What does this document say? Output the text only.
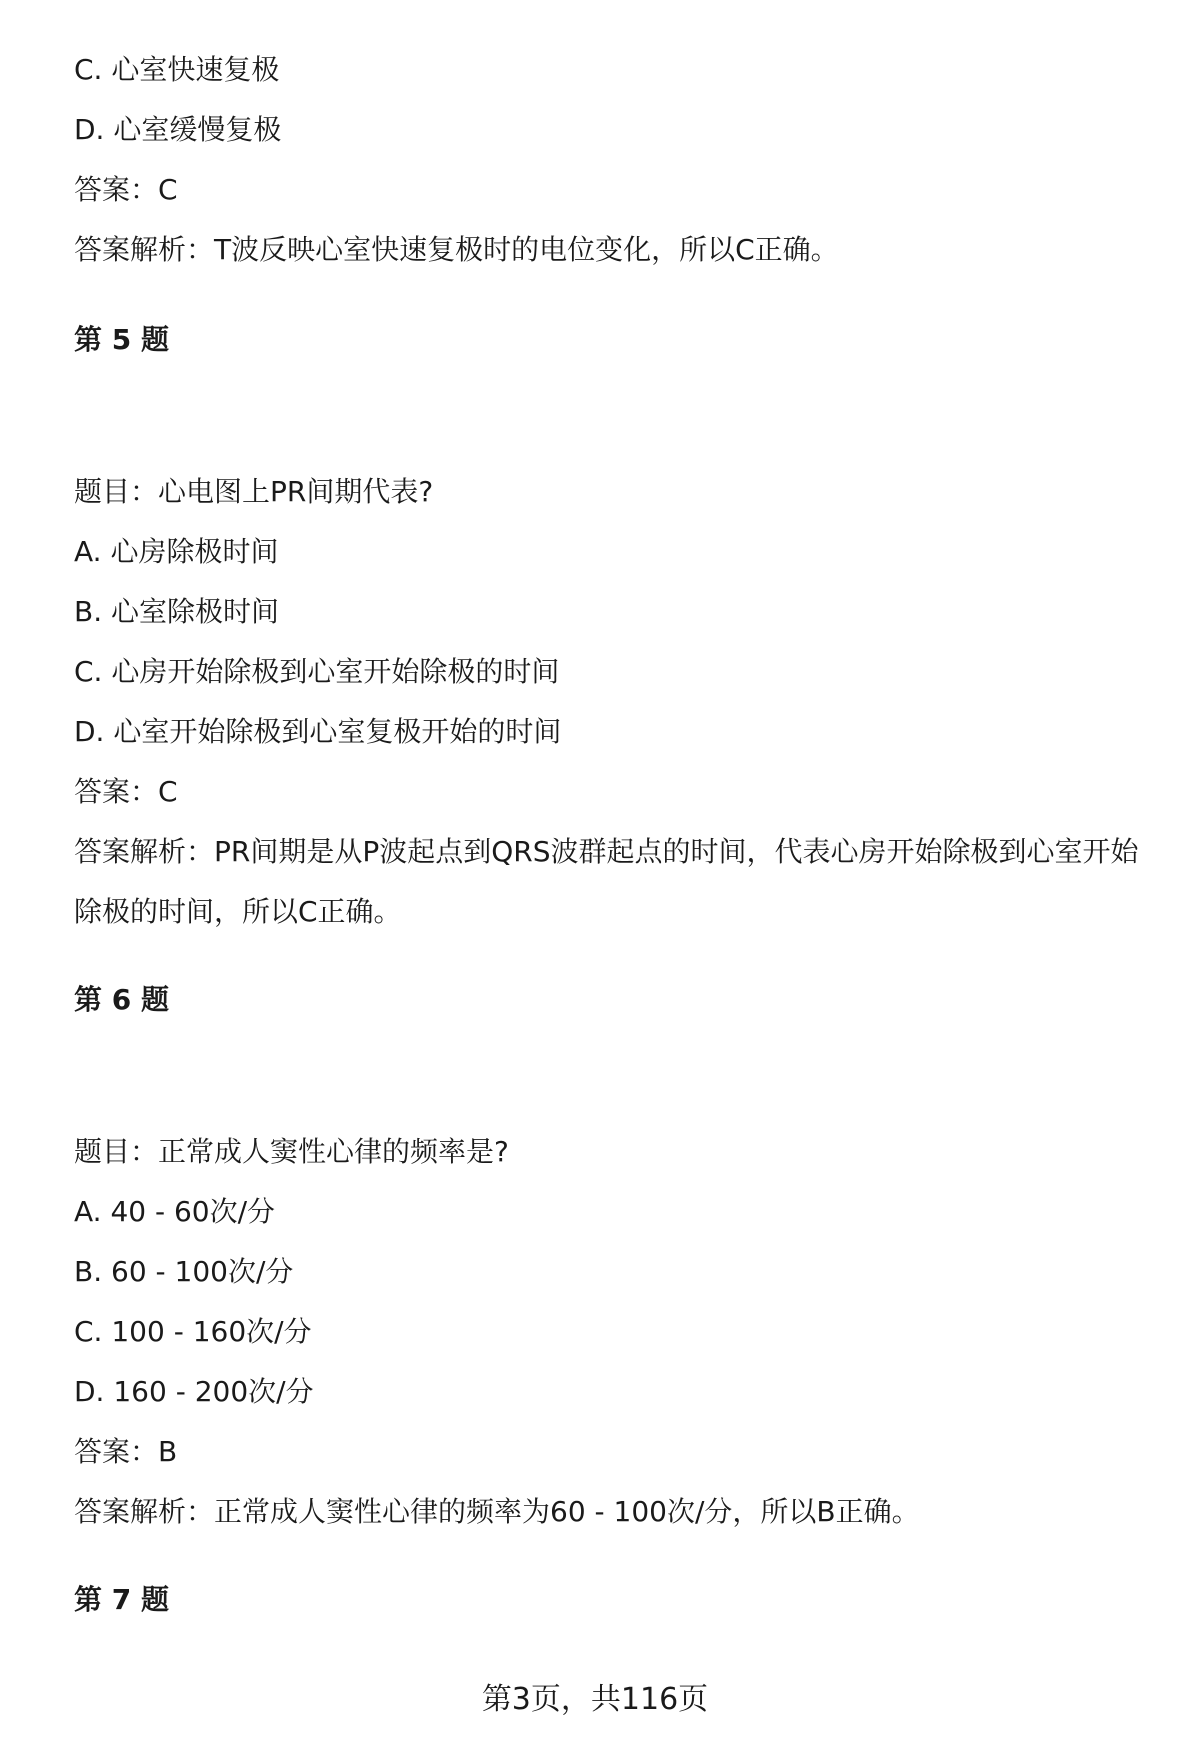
C. 心室快速复极
D. 心室缓慢复极
答案：C
答案解析：T波反映心室快速复极时的电位变化，所以C正确。
第 5 题
题目：心电图上PR间期代表?
A. 心房除极时间
B. 心室除极时间
C. 心房开始除极到心室开始除极的时间
D. 心室开始除极到心室复极开始的时间
答案：C
答案解析：PR间期是从P波起点到QRS波群起点的时间，代表心房开始除极到心室开始除极的时间，所以C正确。
第 6 题
题目：正常成人窦性心律的频率是?
A. 40 - 60次/分
B. 60 - 100次/分
C. 100 - 160次/分
D. 160 - 200次/分
答案：B
答案解析：正常成人窦性心律的频率为60 - 100次/分，所以B正确。
第 7 题
第3页，共116页
